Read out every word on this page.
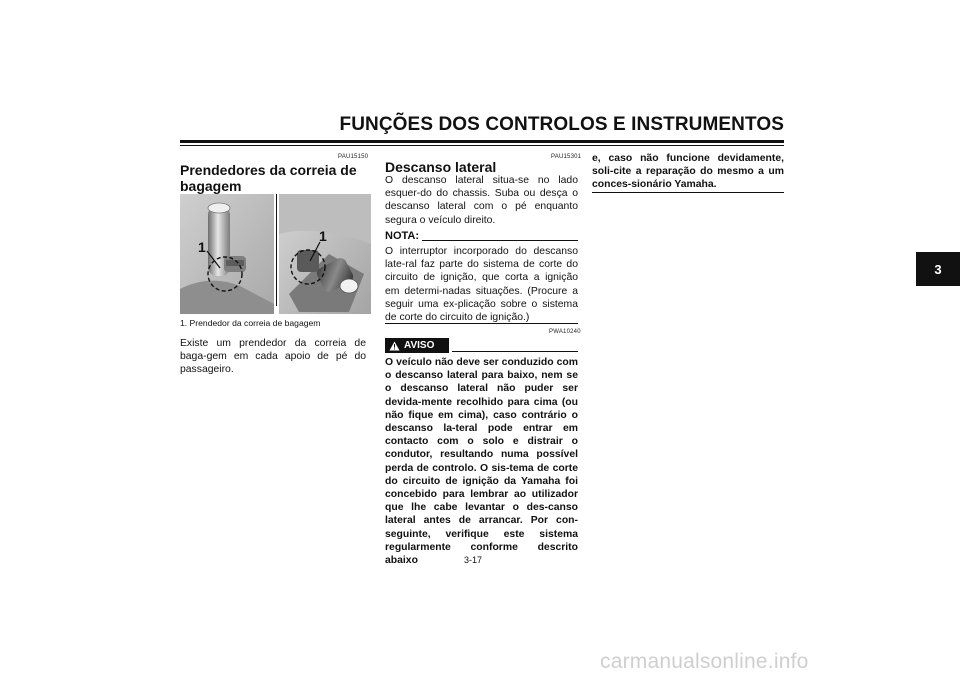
FUNÇÕES DOS CONTROLOS E INSTRUMENTOS
3
PAU15150
Prendedores da correia de
bagagem
1
1
1. Prendedor da correia de bagagem
Existe um prendedor da correia de baga-gem em cada apoio de pé do passageiro.
PAU15301
Descanso lateral
O descanso lateral situa-se no lado esquer-do do chassis. Suba ou desça o descanso lateral com o pé enquanto segura o veículo direito.
NOTA:
O interruptor incorporado do descanso late-ral faz parte do sistema de corte do circuito de ignição, que corta a ignição em determi-nadas situações. (Procure a seguir uma ex-plicação sobre o sistema de corte do circuito de ignição.)
PWA10240
AVISO
O veículo não deve ser conduzido com o descanso lateral para baixo, nem se o descanso lateral não puder ser devida-mente recolhido para cima (ou não fique em cima), caso contrário o descanso la-teral pode entrar em contacto com o solo e distrair o condutor, resultando numa possível perda de controlo. O sis-tema de corte do circuito de ignição da Yamaha foi concebido para lembrar ao utilizador que lhe cabe levantar o des-canso lateral antes de arrancar. Por con-seguinte, verifique este sistema regularmente conforme descrito abaixo
e, caso não funcione devidamente, soli-cite a reparação do mesmo a um conces-sionário Yamaha.
3-17
carmanualsonline.info
